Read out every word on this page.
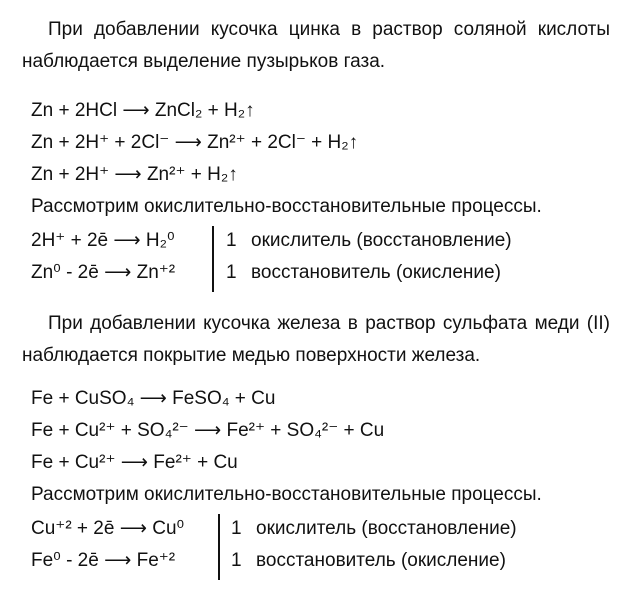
При добавлении кусочка цинка в раствор соляной кислоты наблюдается выделение пузырьков газа.

Zn + 2HCl ⟶ ZnCl₂ + H₂↑
Zn + 2H⁺ + 2Cl⁻ ⟶ Zn²⁺ + 2Cl⁻ + H₂↑
Zn + 2H⁺ ⟶ Zn²⁺ + H₂↑
Рассмотрим окислительно-восстановительные процессы.
2H⁺ + 2ē ⟶ H₂⁰
Zn⁰ - 2ē ⟶ Zn⁺²
1 окислитель (восстановление)
1 восстановитель (окисление)

При добавлении кусочка железа в раствор сульфата меди (II) наблюдается покрытие медью поверхности железа.

Fe + CuSO₄ ⟶ FeSO₄ + Cu
Fe + Cu²⁺ + SO₄²⁻ ⟶ Fe²⁺ + SO₄²⁻ + Cu
Fe + Cu²⁺ ⟶ Fe²⁺ + Cu
Рассмотрим окислительно-восстановительные процессы.
Cu⁺² + 2ē ⟶ Cu⁰
Fe⁰ - 2ē ⟶ Fe⁺²
1 окислитель (восстановление)
1 восстановитель (окисление)
